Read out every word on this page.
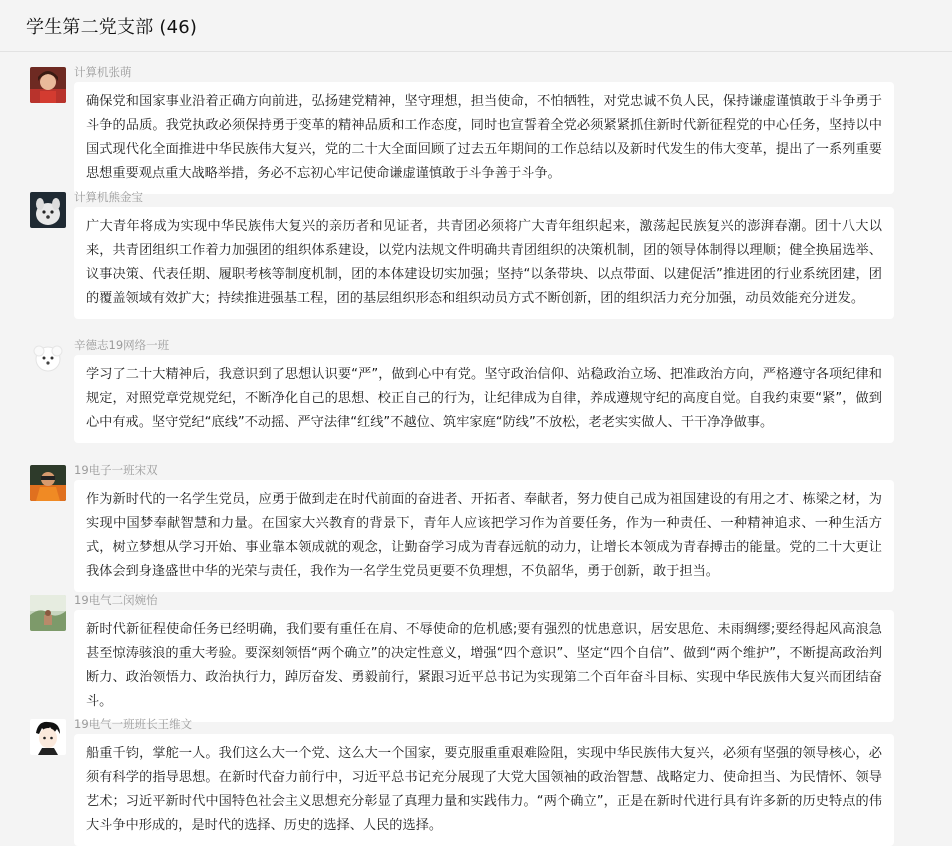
学生第二党支部 (46)
计算机张萌
确保党和国家事业沿着正确方向前进，弘扬建党精神，坚守理想，担当使命，不怕牺牲，对党忠诚不负人民，保持谦虚谨慎敢于斗争勇于斗争的品质。我党执政必须保持勇于变革的精神品质和工作态度，同时也宣誓着全党必须紧紧抓住新时代新征程党的中心任务，坚持以中国式现代化全面推进中华民族伟大复兴，党的二十大全面回顾了过去五年期间的工作总结以及新时代发生的伟大变革，提出了一系列重要思想重要观点重大战略举措，务必不忘初心牢记使命谦虚谨慎敢于斗争善于斗争。
计算机熊金宝
广大青年将成为实现中华民族伟大复兴的亲历者和见证者，共青团必须将广大青年组织起来，激荡起民族复兴的澎湃春潮。团十八大以来，共青团组织工作着力加强团的组织体系建设，以党内法规文件明确共青团组织的决策机制，团的领导体制得以理顺；健全换届选举、议事决策、代表任期、履职考核等制度机制，团的本体建设切实加强；坚持“以条带块、以点带面、以建促活”推进团的行业系统团建，团的覆盖领域有效扩大；持续推进强基工程，团的基层组织形态和组织动员方式不断创新，团的组织活力充分加强，动员效能充分迸发。
辛德志19网络一班
学习了二十大精神后，我意识到了思想认识要“严”，做到心中有党。坚守政治信仰、站稳政治立场、把准政治方向，严格遵守各项纪律和规定，对照党章党规党纪，不断净化自己的思想、校正自己的行为，让纪律成为自律，养成遵规守纪的高度自觉。自我约束要“紧”，做到心中有戒。坚守党纪“底线”不动摇、严守法律“红线”不越位、筑牢家庭“防线”不放松，老老实实做人、干干净净做事。
19电子一班宋双
作为新时代的一名学生党员，应勇于做到走在时代前面的奋进者、开拓者、奉献者，努力使自己成为祖国建设的有用之才、栋梁之材，为实现中国梦奉献智慧和力量。在国家大兴教育的背景下，青年人应该把学习作为首要任务，作为一种责任、一种精神追求、一种生活方式，树立梦想从学习开始、事业靠本领成就的观念，让勤奋学习成为青春远航的动力，让增长本领成为青春搏击的能量。党的二十大更让我体会到身逢盛世中华的光荣与责任，我作为一名学生党员更要不负理想，不负韶华，勇于创新，敢于担当。
19电气二闵婉怡
新时代新征程使命任务已经明确，我们要有重任在肩、不辱使命的危机感;要有强烈的忧患意识，居安思危、未雨绸缪;要经得起风高浪急甚至惊涛骇浪的重大考验。要深刻领悟“两个确立”的决定性意义，增强“四个意识”、坚定“四个自信”、做到“两个维护”，不断提高政治判断力、政治领悟力、政治执行力，踔厉奋发、勇毅前行，紧跟习近平总书记为实现第二个百年奋斗目标、实现中华民族伟大复兴而团结奋斗。
19电气一班班长王维文
船重千钧，掌舵一人。我们这么大一个党、这么大一个国家，要克服重重艰难险阻，实现中华民族伟大复兴，必须有坚强的领导核心，必须有科学的指导思想。在新时代奋力前行中，习近平总书记充分展现了大党大国领袖的政治智慧、战略定力、使命担当、为民情怀、领导艺术；习近平新时代中国特色社会主义思想充分彰显了真理力量和实践伟力。“两个确立”，正是在新时代进行具有许多新的历史特点的伟大斗争中形成的，是时代的选择、历史的选择、人民的选择。
